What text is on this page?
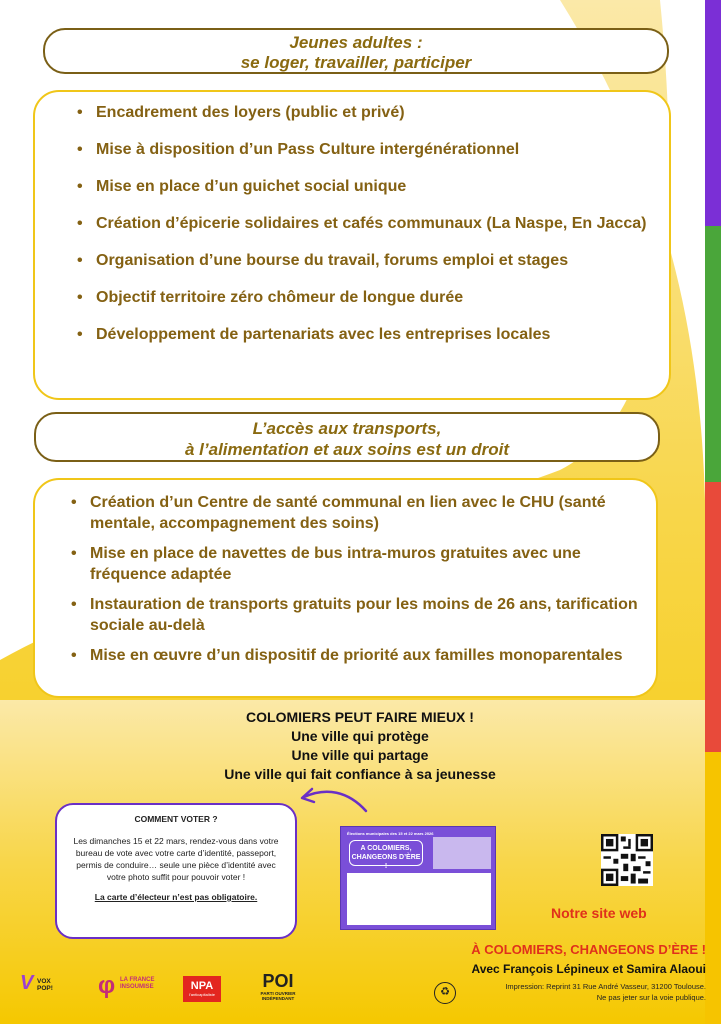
Jeunes adultes :
se loger, travailler, participer
• Encadrement des loyers (public et privé)
• Mise à disposition d’un Pass Culture intergénérationnel
• Mise en place d’un guichet social unique
• Création d’épicerie solidaires et cafés communaux (La Naspe, En Jacca)
• Organisation d’une bourse du travail, forums emploi et stages
• Objectif territoire zéro chômeur de longue durée
• Développement de partenariats avec les entreprises locales
L’accès aux transports,
à l’alimentation et aux soins est un droit
• Création d’un Centre de santé communal en lien avec le CHU (santé mentale, accompagnement des soins)
• Mise en place de navettes de bus intra-muros gratuites avec une fréquence adaptée
• Instauration de transports gratuits pour les moins de 26 ans, tarification sociale au-delà
• Mise en œuvre d’un dispositif de priorité aux familles monoparentales
COLOMIERS PEUT FAIRE MIEUX !
Une ville qui protège
Une ville qui partage
Une ville qui fait confiance à sa jeunesse
COMMENT VOTER ?
Les dimanches 15 et 22 mars, rendez-vous dans votre bureau de vote avec votre carte d’identité, passeport, permis de conduire… seule une pièce d’identité avec votre photo suffit pour pouvoir voter !
La carte d’électeur n’est pas obligatoire.
Élections municipales des 15 et 22 mars 2026
A COLOMIERS, CHANGEONS D’ÈRE !
Notre site web
À COLOMIERS, CHANGEONS D’ÈRE !
Avec François Lépineux et Samira Alaoui
♻	Impression: Reprint 31 Rue André Vasseur, 31200 Toulouse.
Ne pas jeter sur la voie publique.
V VOX POP!	φ LA FRANCE INSOUMISE	NPA
l'anticapitaliste
POI
PARTI OUVRIER INDÉPENDANT
